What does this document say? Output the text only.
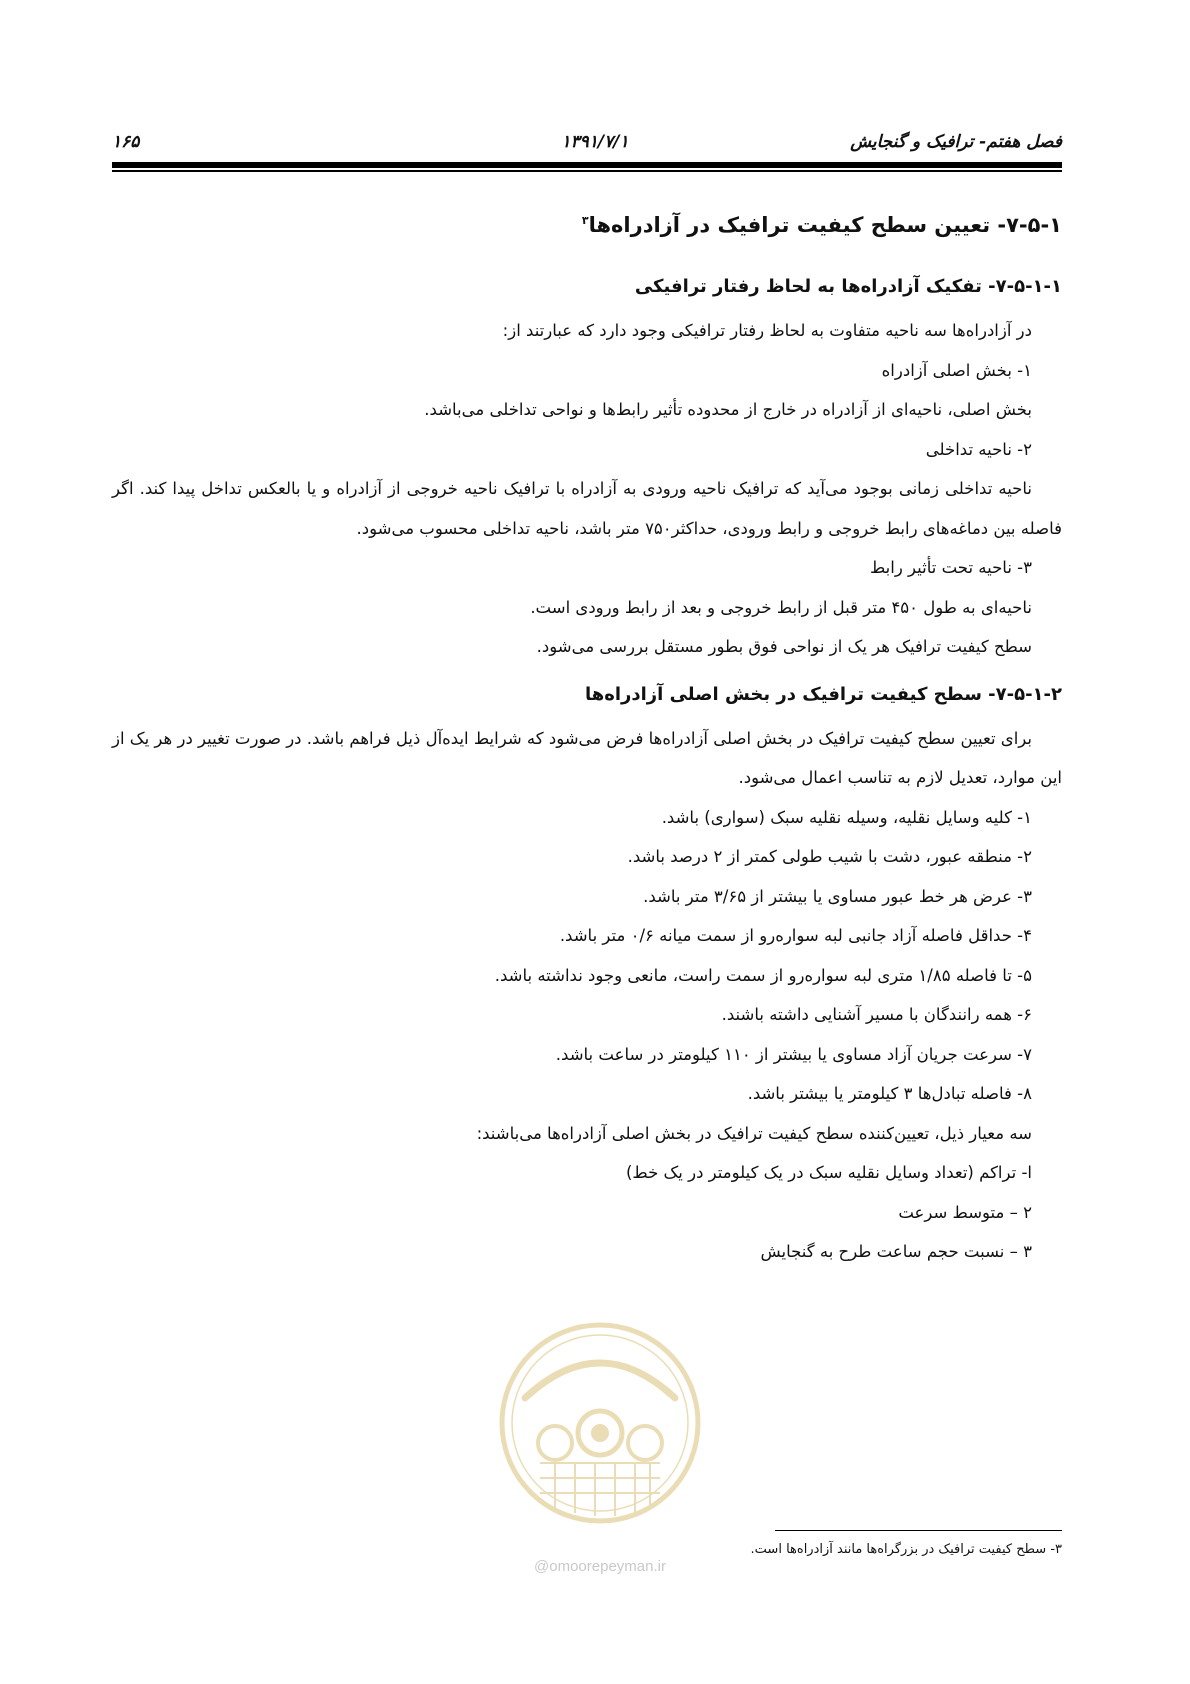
۱۶۵	۱۳۹۱/۷/۱	فصل هفتم- ترافیک و گنجایش
۷-۵-۱- تعیین سطح کیفیت ترافیک در آزادراه‌ها$^۳$
۷-۵-۱-۱- تفکیک آزادراه‌ها به لحاظ رفتار ترافیکی

در آزادراه‌ها سه ناحیه متفاوت به لحاظ رفتار ترافیکی وجود دارد که عبارتند از:

۱- بخش اصلی آزادراه

بخش اصلی، ناحیه‌ای از آزادراه در خارج از محدوده تأثیر رابط‌ها و نواحی تداخلی می‌باشد.

۲- ناحیه تداخلی

ناحیه تداخلی زمانی بوجود می‌آید که ترافیک ناحیه ورودی به آزادراه با ترافیک ناحیه خروجی از آزادراه و یا بالعکس تداخل پیدا کند. اگر فاصله بین دماغه‌های رابط خروجی و رابط ورودی، حداکثر۷۵۰ متر باشد، ناحیه تداخلی محسوب می‌شود.

۳- ناحیه تحت تأثیر رابط

ناحیه‌ای به طول ۴۵۰ متر قبل از رابط خروجی و بعد از رابط ورودی است.

سطح کیفیت ترافیک هر یک از نواحی فوق بطور مستقل بررسی می‌شود.

۷-۵-۱-۲- سطح کیفیت ترافیک در بخش اصلی آزادراه‌ها

برای تعیین سطح کیفیت ترافیک در بخش اصلی آزادراه‌ها فرض می‌شود که شرایط ایده‌آل ذیل فراهم باشد. در صورت تغییر در هر یک از این موارد، تعدیل لازم به تناسب اعمال می‌شود.

۱- کلیه وسایل نقلیه، وسیله نقلیه سبک (سواری) باشد.

۲- منطقه عبور، دشت با شیب طولی کمتر از ۲ درصد باشد.

۳- عرض هر خط عبور مساوی یا بیشتر از ۳/۶۵ متر باشد.

۴- حداقل فاصله آزاد جانبی لبه سواره‌رو از سمت میانه ۰/۶ متر باشد.

۵- تا فاصله ۱/۸۵ متری لبه سواره‌رو از سمت راست، مانعی وجود نداشته باشد.

۶- همه رانندگان با مسیر آشنایی داشته باشند.

۷- سرعت جریان آزاد مساوی یا بیشتر از ۱۱۰ کیلومتر در ساعت باشد.

۸- فاصله تبادل‌ها ۳ کیلومتر یا بیشتر باشد.

سه معیار ذیل، تعیین‌کننده سطح کیفیت ترافیک در بخش اصلی آزادراه‌ها می‌باشند:

ا- تراکم (تعداد وسایل نقلیه سبک در یک کیلومتر در یک خط)

۲ – متوسط سرعت

۳ – نسبت حجم ساعت طرح به گنجایش

@omoorepeyman.ir
۳- سطح کیفیت ترافیک در بزرگراه‌ها مانند آزادراه‌ها است.
